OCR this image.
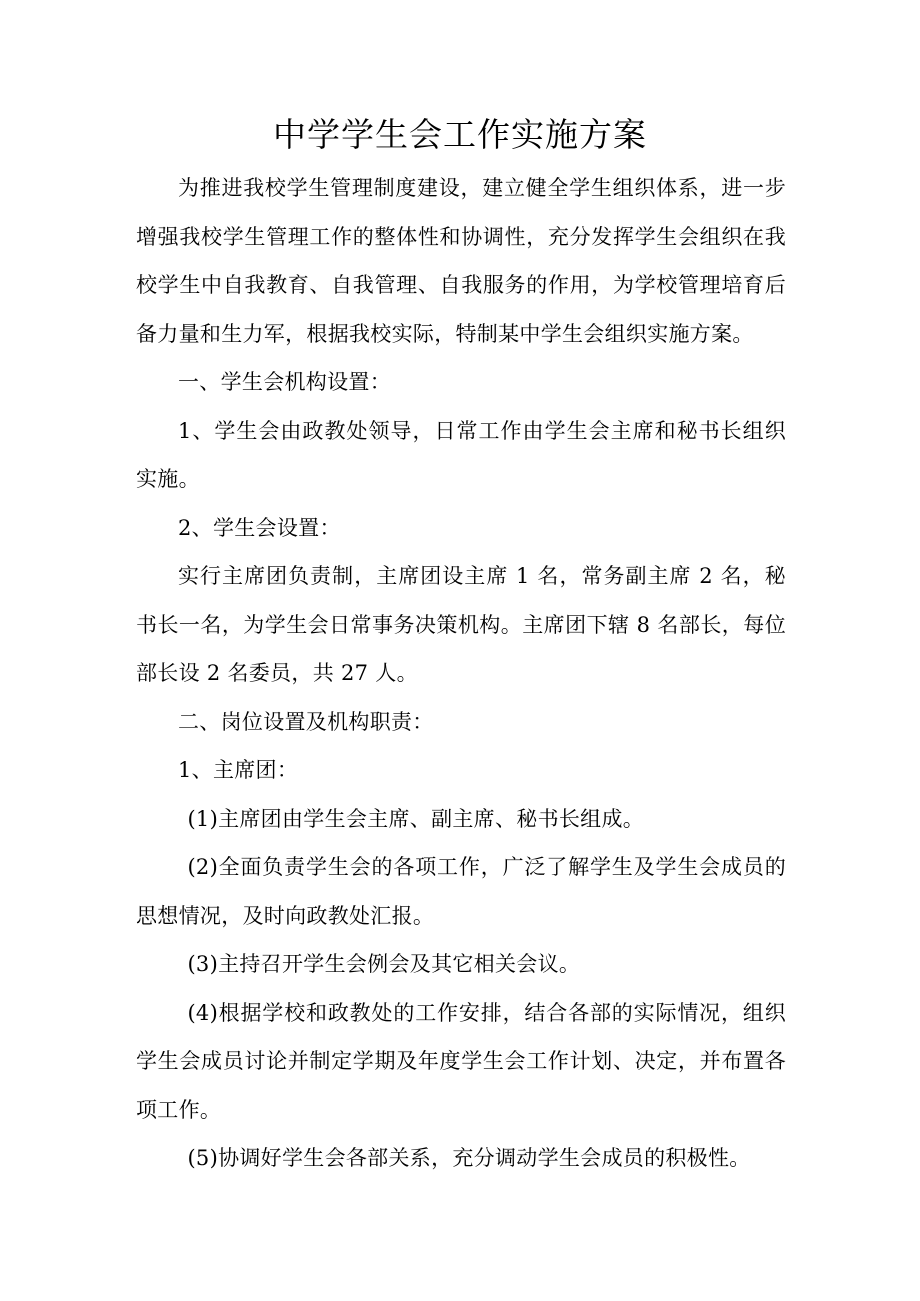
中学学生会工作实施方案

为推进我校学生管理制度建设，建立健全学生组织体系，进一步增强我校学生管理工作的整体性和协调性，充分发挥学生会组织在我校学生中自我教育、自我管理、自我服务的作用，为学校管理培育后备力量和生力军，根据我校实际，特制某中学生会组织实施方案。

一、学生会机构设置：

1、学生会由政教处领导，日常工作由学生会主席和秘书长组织实施。

2、学生会设置：

实行主席团负责制，主席团设主席 1 名，常务副主席 2 名，秘书长一名，为学生会日常事务决策机构。主席团下辖 8 名部长，每位部长设 2 名委员，共 27 人。

二、岗位设置及机构职责：

1、主席团：

(1)主席团由学生会主席、副主席、秘书长组成。

(2)全面负责学生会的各项工作，广泛了解学生及学生会成员的思想情况，及时向政教处汇报。

(3)主持召开学生会例会及其它相关会议。

(4)根据学校和政教处的工作安排，结合各部的实际情况，组织学生会成员讨论并制定学期及年度学生会工作计划、决定，并布置各项工作。

(5)协调好学生会各部关系，充分调动学生会成员的积极性。
